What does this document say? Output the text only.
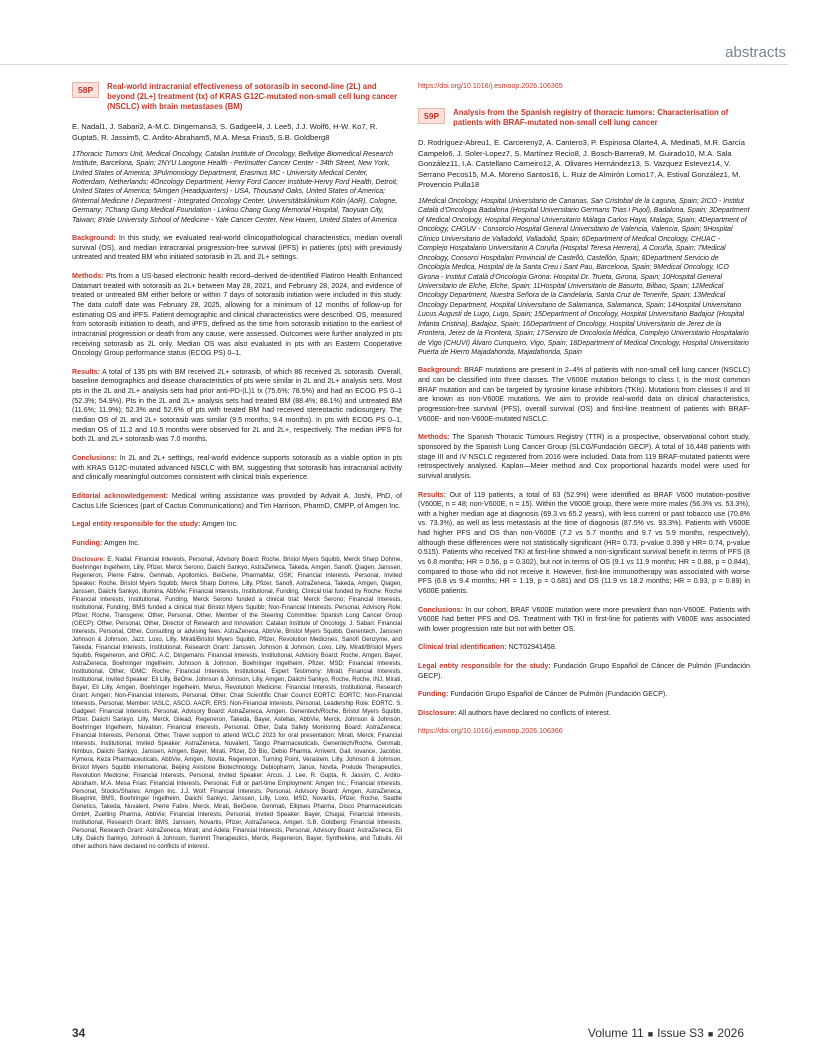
abstracts
58P	Real-world intracranial effectiveness of sotorasib in second-line (2L) and beyond (2L+) treatment (tx) of KRAS G12C-mutated non-small cell lung cancer (NSCLC) with brain metastases (BM)
E. Nadal1, J. Sabari2, A-M.C. Dingemans3, S. Gadgeel4, J. Lee5, J.J. Wolf6, H-W. Ko7, R. Gupta5, R. Jassim5, C. Ardito-Abraham5, M.A. Mesa Frias5, S.B. Goldberg8
1Thoracic Tumors Unit, Medical Oncology, Catalan Institute of Oncology, Bellvitge Biomedical Research Institute, Barcelona, Spain; 2NYU Langone Health - Perlmutter Cancer Center - 34th Street, New York, United States of America; 3Pulmonology Department, Erasmus MC - University Medical Center, Rotterdam, Netherlands; 4Oncology Department, Henry Ford Cancer Institute-Henry Ford Health, Detroit, United States of America; 5Amgen (Headquarters) - USA, Thousand Oaks, United States of America; 6Internal Medicine I Department - Integrated Oncology Center, Universitätsklinikum Köln (AöR), Cologne, Germany; 7Chang Gung Medical Foundation - Linkou Chang Gung Memorial Hospital, Taoyuan City, Taiwan; 8Yale University School of Medicine - Yale Cancer Center, New Haven, United States of America
Background: In this study, we evaluated real-world clinicopathological characteristics, median overall survival (OS), and median intracranial progression-free survival (iPFS) in patients (pts) with previously untreated and treated BM who initiated sotorasib in 2L and 2L+ settings.
Methods: Pts from a US-based electronic health record–derived de-identified Flatiron Health Enhanced Datamart treated with sotorasib as 2L+ between May 28, 2021, and February 28, 2024, and evidence of treated or untreated BM either before or within 7 days of sotorasib initiation were included in this study. The data cutoff date was February 28, 2025, allowing for a minimum of 12 months of follow-up for estimating OS and iPFS. Patient demographic and clinical characteristics were described. OS, measured from sotorasib initiation to death, and iPFS, defined as the time from sotorasib initiation to the earliest of intracranial progression or death from any cause, were assessed. Outcomes were further analyzed in pts receiving sotorasib as 2L only. Median OS was also evaluated in pts with an Eastern Cooperative Oncology Group performance status (ECOG PS) 0–1.
Results: A total of 135 pts with BM received 2L+ sotorasib, of which 86 received 2L sotorasib. Overall, baseline demographics and disease characteristics of pts were similar in 2L and 2L+ analysis sets. Most pts in the 2L and 2L+ analysis sets had prior anti-PD-(L)1 tx (75.6%; 78.5%) and had an ECOG PS 0–1 (52.3%; 54.9%). Pts in the 2L and 2L+ analysis sets had treated BM (88.4%; 88.1%) and untreated BM (11.6%; 11.9%); 52.3% and 52.6% of pts with treated BM had received stereotactic radiosurgery. The median OS of 2L and 2L+ sotorasib was similar (9.5 months; 9.4 months). In pts with ECOG PS 0–1, median OS of 11.2 and 10.5 months were observed for 2L and 2L+, respectively. The median iPFS for both 2L and 2L+ sotorasib was 7.0 months.
Conclusions: In 2L and 2L+ settings, real-world evidence supports sotorasib as a viable option in pts with KRAS G12C-mutated advanced NSCLC with BM, suggesting that sotorasib has intracranial activity and clinically meaningful outcomes consistent with clinical trials experience.
Editorial acknowledgement: Medical writing assistance was provided by Advait A. Joshi, PhD, of Cactus Life Sciences (part of Cactus Communications) and Tim Harrison, PharmD, CMPP, of Amgen Inc.
Legal entity responsible for the study: Amgen Inc.
Funding: Amgen Inc.
Disclosure: E. Nadal: Financial Interests, Personal, Advisory Board: Roche, Bristol Myers Squibb, Merck Sharp Dohme, Boehringer Ingelheim, Lilly, Pfizer, Merck Serono, Daiichi Sankyo, AstraZeneca, Takeda, Amgen, Sanofi, Qiagen, Janssen, Regeneron, Pierre Fabre, Genmab, Apollomics, BeiGene, PharmaMar, GSK; Financial Interests, Personal, Invited Speaker: Roche, Bristol Myers Squibb, Merck Sharp Dohme, Lilly, Pfizer, Sanofi, AstraZeneca, Takeda, Amgen, Qiagen, Janssen, Daiichi Sankyo, Illumina, AbbVie; Financial Interests, Institutional, Funding, Clinical trial funded by Roche: Roche Financial Interests, Institutional, Funding, Merck Serono funded a clinical trial: Merck Serono; Financial Interests, Institutional, Funding, BMS funded a clinical trial: Bristol Myers Squibb; Non-Financial Interests, Personal, Advisory Role: Pfizer, Roche, Transgene; Other, Personal, Other, Member of the Steering Committee: Spanish Lung Cancer Group (GECP); Other, Personal, Other, Director of Research and Innovation: Catalan Institute of Oncology. J. Sabari: Financial Interests, Personal, Other, Consulting or advising fees: AstraZeneca, AbbVie, Bristol Myers Squibb, Genentech, Janssen Johnson & Johnson, Jazz, Loxo, Lilly, Mirati/Bristol Myers Squibb, Pfizer, Revolution Medicines, Sanofi Genzyme, and Takeda; Financial Interests, Institutional, Research Grant: Janssen, Johnson & Johnson, Loxo, Lilly, Mirati/Bristol Myers Squibb, Regeneron, and ORIC. A.C. Dingemans: Financial Interests, Institutional, Advisory Board: Roche, Amgen, Bayer, AstraZeneca, Boehringer Ingelheim, Johnson & Johnson, Boehringer Ingelheim, Pfizer, MSD; Financial Interests, Institutional, Other, IDMC: Roche; Financial Interests, Institutional, Expert Testimony: Mirati; Financial Interests, Institutional, Invited Speaker: Eli Lilly, BeOne, Johnson & Johnson, Lilly, Amgen, Daiichi Sankyo, Roche, Roche, INJ, Mirati, Bayer, Eli Lilly, Amgen, Boehringer Ingelheim, Merus, Revolution Medicine; Financial Interests, Institutional, Research Grant: Amgen; Non-Financial Interests, Personal, Other, Chair Scientific Chair Council EORTC: EORTC; Non-Financial Interests, Personal, Member: IASLC, ASCO, AACR, ERS; Non-Financial Interests, Personal, Leadership Role: EORTC. S. Gadgeel: Financial Interests, Personal, Advisory Board: AstraZeneca, Amgen, Genentech/Roche, Bristol Myers Squibb, Pfizer, Daiichi Sankyo, Lilly, Merck, Gilead, Regeneron, Takeda, Bayer, Astellas, AbbVie, Merck, Johnson & Johnson, Boehringer Ingelheim, Nuvation; Financial Interests, Personal, Other, Data Safety Monitoring Board: AstraZeneca; Financial Interests, Personal, Other, Travel support to attend WCLC 2023 for oral presentation: Mirati, Merck; Financial Interests, Institutional, Invited Speaker: AstraZeneca, Nuvalent, Tango Pharmaceuticals, Genentech/Roche, Genmab, Nimbus, Daiichi Sankyo, Janssen, Amgen, Bayer, Mirati, Pfizer, D3 Bio, Debio Pharma, Arrivent, Gail, Iovance, Jacobio, Kymera, Keza Pharmaceuticals, AbbVie, Amgen, Novita, Regeneron, Turning Point, Verastem, Lilly, Johnson & Johnson, Bristol Myers Squibb International, Beijing Avistone Biotechnology, Debiopharm, Janux, Novita, Prelude Therapeutics, Revolution Medicine; Financial Interests, Personal, Invited Speaker: Arcus. J. Lee, R. Gupta, R. Jassim, C. Ardito-Abraham, M.A. Mesa Frias: Financial Interests, Personal, Full or part-time Employment: Amgen Inc.; Financial Interests, Personal, Stocks/Shares: Amgen Inc. J.J. Wolf: Financial Interests, Personal, Advisory Board: Amgen, AstraZeneca, Blueprint, BMS, Boehringer Ingelheim, Daiichi Sankyo, Janssen, Lilly, Loxo, MSD, Novartis, Pfizer, Roche, Seattle Genetics, Takeda, Nuvalent, Pierre Fabre, Merck, Mirati, BeiGene, Genmab, Ellipses Pharma, Disco Pharmaceuticals GmbH, Zuelling Pharma, AbbVie; Financial Interests, Personal, Invited Speaker: Bayer, Chugai; Financial Interests, Institutional, Research Grant: BMS, Janssen, Novartis, Pfizer, AstraZeneca, Amgen. S.B. Goldberg: Financial Interests, Personal, Research Grant: AstraZeneca, Mirati; and Adela; Financial Interests, Personal, Advisory Board: AstraZeneca, Eli Lilly, Daiichi Sankyo, Johnson & Johnson, Summit Therapeutics, Merck, Regeneron, Bayer, Synthekine, and Tubulis. All other authors have declared no conflicts of interest.
https://doi.org/10.1016/j.esmoop.2026.106365
59P	Analysis from the Spanish registry of thoracic tumors: Characterisation of patients with BRAF-mutated non-small cell lung cancer
D. Rodríguez-Abreu1, E. Carcereny2, A. Cantero3, P. Espinosa Olarte4, A. Medina5, M.R. García Campelo6, J. Soler-Lopez7, S. Martínez Recio8, J. Bosch-Barrera9, M. Guirado10, M.A. Sala González11, I.A. Castellano Carneiro12, A. Olivares Hernández13, S. Vazquez Estevez14, V. Serrano Pecos15, M.A. Moreno Santos16, L. Ruiz de Almirón Lomo17, A. Estival González1, M. Provencio Pulla18
1Medical Oncology, Hospital Universitario de Canarias, San Cristobal de la Laguna, Spain; 2ICO - Institut Català d'Oncologia Badalona (Hospital Universitario Germans Trias i Pujol), Badalona, Spain; 3Department of Medical Oncology, Hospital Regional Universitario Málaga Carlos Haya, Malaga, Spain; 4Department of Oncology, CHGUV - Consorcio Hospital General Universitario de Valencia, Valencia, Spain; 5Hospital Clínico Universitario de Valladolid, Valladolid, Spain; 6Department of Medical Oncology, CHUAC - Complejo Hospitalario Universitario A Coruña (Hospital Teresa Herrera), A Coruña, Spain; 7Medical Oncology, Consorci Hospitalari Provincial de Castelló, Castellón, Spain; 8Department Servicio de Oncología Medica, Hospital de la Santa Creu i Sant Pau, Barcelona, Spain; 9Medical Oncology, ICO Girona - Institut Català d'Oncologia Girona: Hospital Dr. Trueta, Girona, Spain; 10Hospital General Universitario de Elche, Elche, Spain; 11Hospital Universitario de Basurto, Bilbao, Spain; 12Medical Oncology Department, Nuestra Señora de la Candelaria, Santa Cruz de Tenerife, Spain; 13Medical Oncology Department, Hospital Universitario de Salamanca, Salamanca, Spain; 14Hospital Universitario Lucus Augusti de Lugo, Lugo, Spain; 15Department of Oncology, Hospital Universitario Badajoz (Hospital Infanta Cristina), Badajoz, Spain; 16Department of Oncology, Hospital Universitario de Jerez de la Frontera, Jerez de la Frontera, Spain; 17Servizo de Oncoloxía Médica, Complejo Universitario Hospitalario de Vigo (CHUVI) Álvaro Cunqueiro, Vigo, Spain; 18Department of Medical Oncology, Hospital Universitario Puerta de Hierro Majadahonda, Majadahonda, Spain
Background: BRAF mutations are present in 2–4% of patients with non-small cell lung cancer (NSCLC) and can be classified into three classes. The V600E mutation belongs to class I, is the most common BRAF mutation and can be targeted by tyrosine kinase inhibitors (TKIs). Mutations from classes II and III are known as non-V600E mutations. We aim to provide real-world data on clinical characteristics, progression-free survival (PFS), overall survival (OS) and first-line treatment of patients with BRAF-V600E- and non-V600E-mutated NSCLC.
Methods: The Spanish Thoracic Tumours Registry (TTR) is a prospective, observational cohort study, sponsored by the Spanish Lung Cancer Group (SLCG/Fundación GECP). A total of 16,448 patients with stage III and IV NSCLC registered from 2016 were included. Data from 119 BRAF-mutated patients were retrospectively analysed. Kaplan—Meier method and Cox proportional hazards model were used for survival analysis.
Results: Out of 119 patients, a total of 63 (52.9%) were identified as BRAF V600 mutation-positive (V600E, n = 48; non-V600E, n = 15). Within the V600E group, there were more males (56.3% vs. 53.3%), with a higher median age at diagnosis (69.3 vs 65.2 years), with less current or past tobacco use (70.8% vs. 73.3%), as well as less metastasis at the time of diagnosis (87.5% vs. 93.3%). Patients with V600E had higher PFS and OS than non-V600E (7.2 vs 5.7 months and 9.7 vs 5.9 months, respectively), although these differences were not statistically significant (HR= 0.73, p-value 0.398 y HR= 0.74, p-value 0.515). Patients who received TKI at first-line showed a non-significant survival benefit in terms of PFS (8 vs 6.8 months; HR = 0.56, p = 0.302), but not in terms of OS (9.1 vs 11.9 months; HR = 0.88, p = 0.844), compared to those who did not receive it. However, first-line immunotherapy was associated with worse PFS (6.8 vs 9.4 months; HR = 1.19, p = 0.681) and OS (11.9 vs 18.2 months; HR = 0.93, p = 0.89) in V600E patients.
Conclusions: In our cohort, BRAF V600E mutation were more prevalent than non-V600E. Patients with V600E had better PFS and OS. Treatment with TKI in first-line for patients with V600E was associated with lower progression rate but not with better OS.
Clinical trial identification: NCT02941458.
Legal entity responsible for the study: Fundación Grupo Español de Cáncer de Pulmón (Fundación GECP).
Funding: Fundación Grupo Español de Cáncer de Pulmón (Fundación GECP).
Disclosure: All authors have declared no conflicts of interest.
https://doi.org/10.1016/j.esmoop.2026.106366
34	Volume 11 ■ Issue S3 ■ 2026
